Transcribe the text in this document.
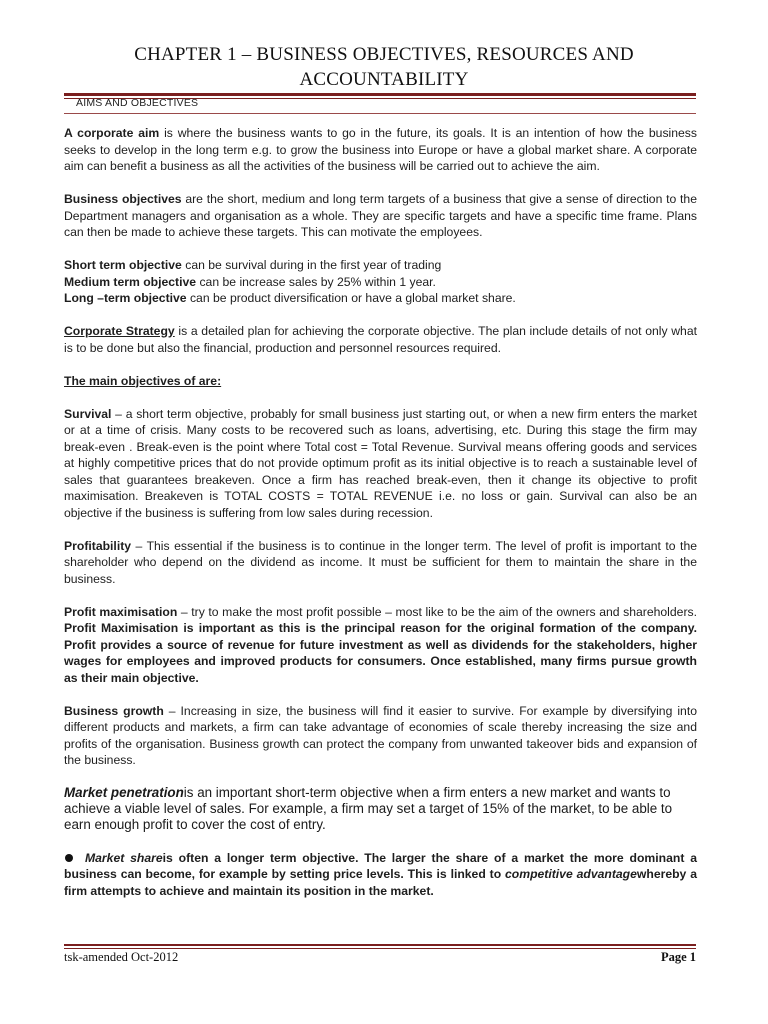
CHAPTER 1 – BUSINESS OBJECTIVES, RESOURCES AND
ACCOUNTABILITY
AIMS AND OBJECTIVES

A corporate aim is where the business wants to go in the future, its goals. It is an intention of how the business seeks to develop in the long term e.g. to grow the business into Europe or have a global market share. A corporate aim can benefit a business as all the activities of the business will be carried out to achieve the aim.

Business objectives are the short, medium and long term targets of a business that give a sense of direction to the Department managers and organisation as a whole. They are specific targets and have a specific time frame. Plans can then be made to achieve these targets. This can motivate the employees.

Short term objective can be survival during in the first year of trading

Medium term objective can be increase sales by 25% within 1 year.

Long –term objective can be product diversification or have a global market share.

Corporate Strategy is a detailed plan for achieving the corporate objective. The plan include details of not only what is to be done but also the financial, production and personnel resources required.

The main objectives of are:

Survival – a short term objective, probably for small business just starting out, or when a new firm enters the market or at a time of crisis. Many costs to be recovered such as loans, advertising, etc. During this stage the firm may break-even . Break-even is the point where Total cost = Total Revenue. Survival means offering goods and services at highly competitive prices that do not provide optimum profit as its initial objective is to reach a sustainable level of sales that guarantees breakeven. Once a firm has reached break-even, then it change its objective to profit maximisation. Breakeven is TOTAL COSTS = TOTAL REVENUE i.e. no loss or gain. Survival can also be an objective if the business is suffering from low sales during recession.

Profitability – This essential if the business is to continue in the longer term. The level of profit is important to the shareholder who depend on the dividend as income. It must be sufficient for them to maintain the share in the business.

Profit maximisation – try to make the most profit possible – most like to be the aim of the owners and shareholders. Profit Maximisation is important as this is the principal reason for the original formation of the company. Profit provides a source of revenue for future investment as well as dividends for the stakeholders, higher wages for employees and improved products for consumers. Once established, many firms pursue growth as their main objective.

Business growth – Increasing in size, the business will find it easier to survive. For example by diversifying into different products and markets, a firm can take advantage of economies of scale thereby increasing the size and profits of the organisation. Business growth can protect the company from unwanted takeover bids and expansion of the business.

Market penetrationis an important short-term objective when a firm enters a new market and wants to achieve a viable level of sales. For example, a firm may set a target of 15% of the market, to be able to earn enough profit to cover the cost of entry.

Market shareis often a longer term objective. The larger the share of a market the more dominant a business can become, for example by setting price levels. This is linked to competitive advantagewhereby a firm attempts to achieve and maintain its position in the market.

tsk-amended Oct-2012	Page 1
